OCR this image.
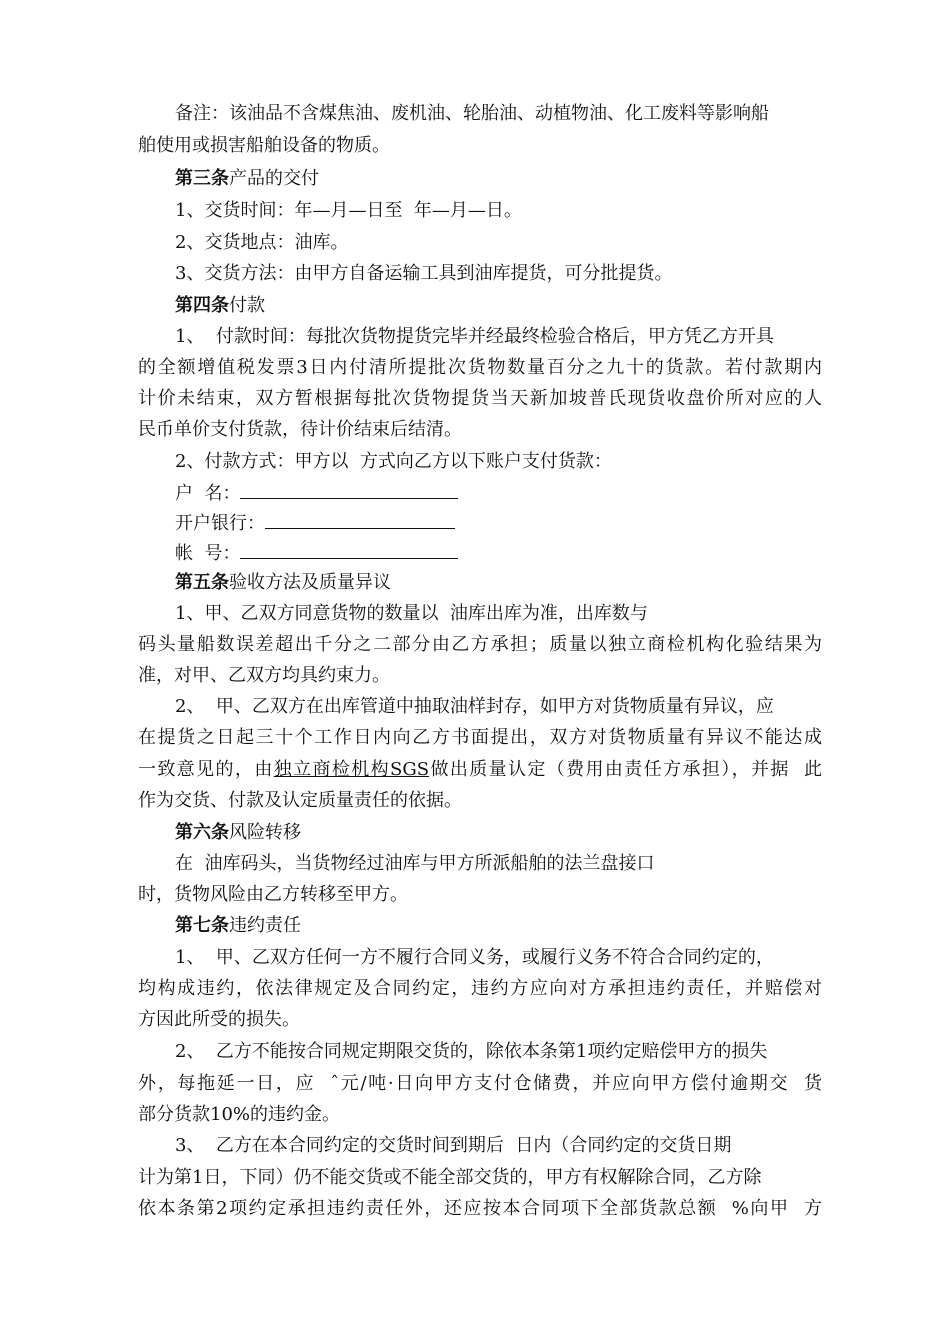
备注：该油品不含煤焦油、废机油、轮胎油、动植物油、化工废料等影响船
舶使用或损害船舶设备的物质。
第三条产品的交付
1、交货时间：年—月—日至  年—月—日。
2、交货地点：油库。
3、交货方法：由甲方自备运输工具到油库提货，可分批提货。
第四条付款
1、  付款时间：每批次货物提货完毕并经最终检验合格后，甲方凭乙方开具
的全额增值税发票3日内付清所提批次货物数量百分之九十的货款。若付款期内
计价未结束，双方暂根据每批次货物提货当天新加坡普氏现货收盘价所对应的人
民币单价支付货款，待计价结束后结清。
2、付款方式：甲方以  方式向乙方以下账户支付货款：
户  名：
开户银行：
帐  号：
第五条验收方法及质量异议
1、甲、乙双方同意货物的数量以  油库出库为准，出库数与
码头量船数误差超出千分之二部分由乙方承担；质量以独立商检机构化验结果为
准，对甲、乙双方均具约束力。
2、  甲、乙双方在出库管道中抽取油样封存，如甲方对货物质量有异议，应
在提货之日起三十个工作日内向乙方书面提出，双方对货物质量有异议不能达成
一致意见的，由独立商检机构SGS做出质量认定（费用由责任方承担），并据  此
作为交货、付款及认定质量责任的依据。
第六条风险转移
在  油库码头，当货物经过油库与甲方所派船舶的法兰盘接口
时，货物风险由乙方转移至甲方。
第七条违约责任
1、  甲、乙双方任何一方不履行合同义务，或履行义务不符合合同约定的，
均构成违约，依法律规定及合同约定，违约方应向对方承担违约责任，并赔偿对
方因此所受的损失。
2、  乙方不能按合同规定期限交货的，除依本条第1项约定赔偿甲方的损失
外，每拖延一日，应  ˆ元/吨·日向甲方支付仓储费，并应向甲方偿付逾期交  货
部分货款10%的违约金。
3、  乙方在本合同约定的交货时间到期后  日内（合同约定的交货日期
计为第1日，下同）仍不能交货或不能全部交货的，甲方有权解除合同，乙方除
依本条第2项约定承担违约责任外，还应按本合同项下全部货款总额  %向甲  方
